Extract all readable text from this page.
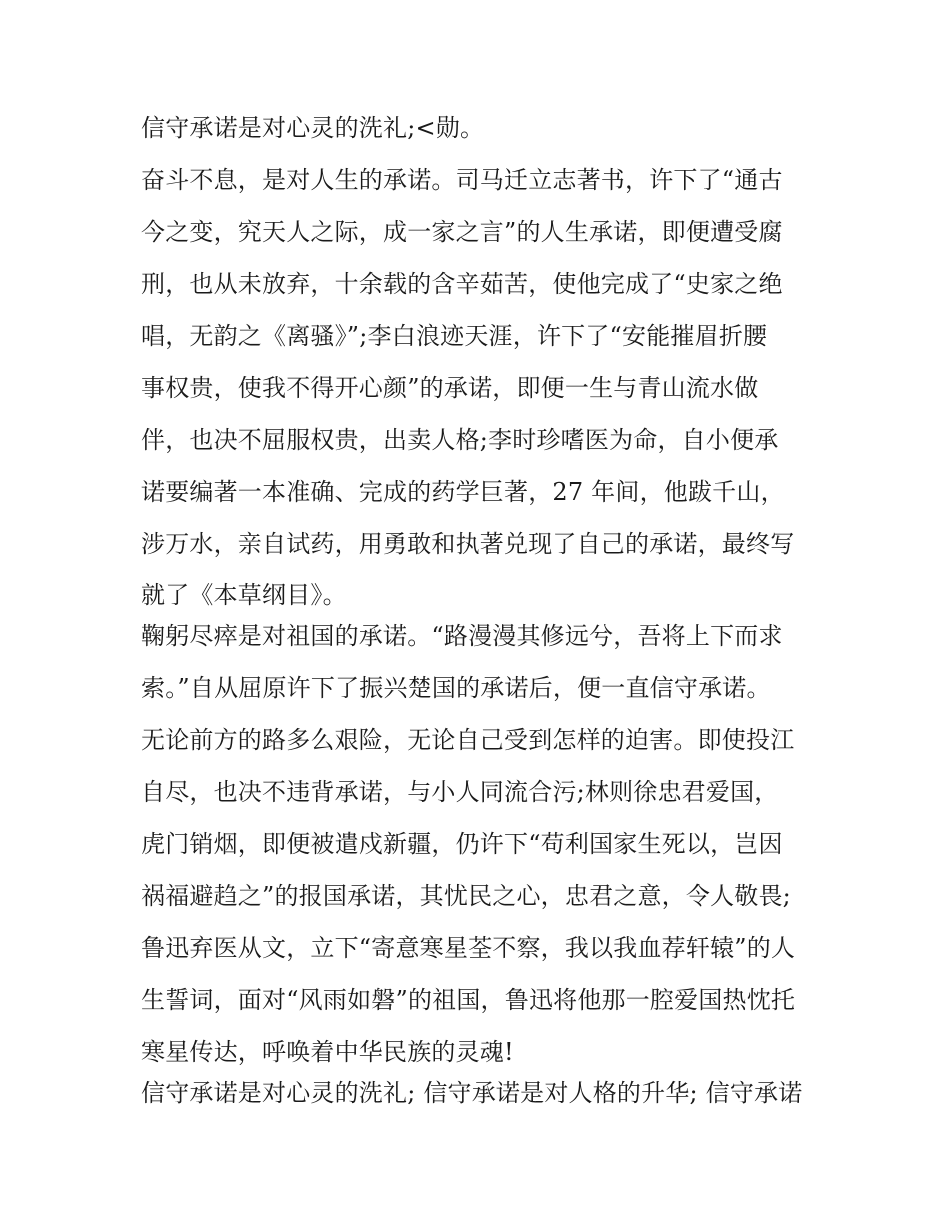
信守承诺是对心灵的洗礼;<勋。
奋斗不息，是对人生的承诺。司马迁立志著书，许下了“通古
今之变，究天人之际，成一家之言”的人生承诺，即便遭受腐
刑，也从未放弃，十余载的含辛茹苦，使他完成了“史家之绝
唱，无韵之《离骚》”;李白浪迹天涯，许下了“安能摧眉折腰
事权贵，使我不得开心颜”的承诺，即便一生与青山流水做
伴，也决不屈服权贵，出卖人格;李时珍嗜医为命，自小便承
诺要编著一本准确、完成的药学巨著，27 年间，他跋千山，
涉万水，亲自试药，用勇敢和执著兑现了自己的承诺，最终写
就了《本草纲目》。
鞠躬尽瘁是对祖国的承诺。“路漫漫其修远兮，吾将上下而求
索。”自从屈原许下了振兴楚国的承诺后，便一直信守承诺。
无论前方的路多么艰险，无论自己受到怎样的迫害。即使投江
自尽，也决不违背承诺，与小人同流合污;林则徐忠君爱国，
虎门销烟，即便被遣戍新疆，仍许下“苟利国家生死以，岂因
祸福避趋之”的报国承诺，其忧民之心，忠君之意，令人敬畏;
鲁迅弃医从文，立下“寄意寒星荃不察，我以我血荐轩辕”的人
生誓词，面对“风雨如磐”的祖国，鲁迅将他那一腔爱国热忱托
寒星传达，呼唤着中华民族的灵魂!
信守承诺是对心灵的洗礼; 信守承诺是对人格的升华; 信守承诺
